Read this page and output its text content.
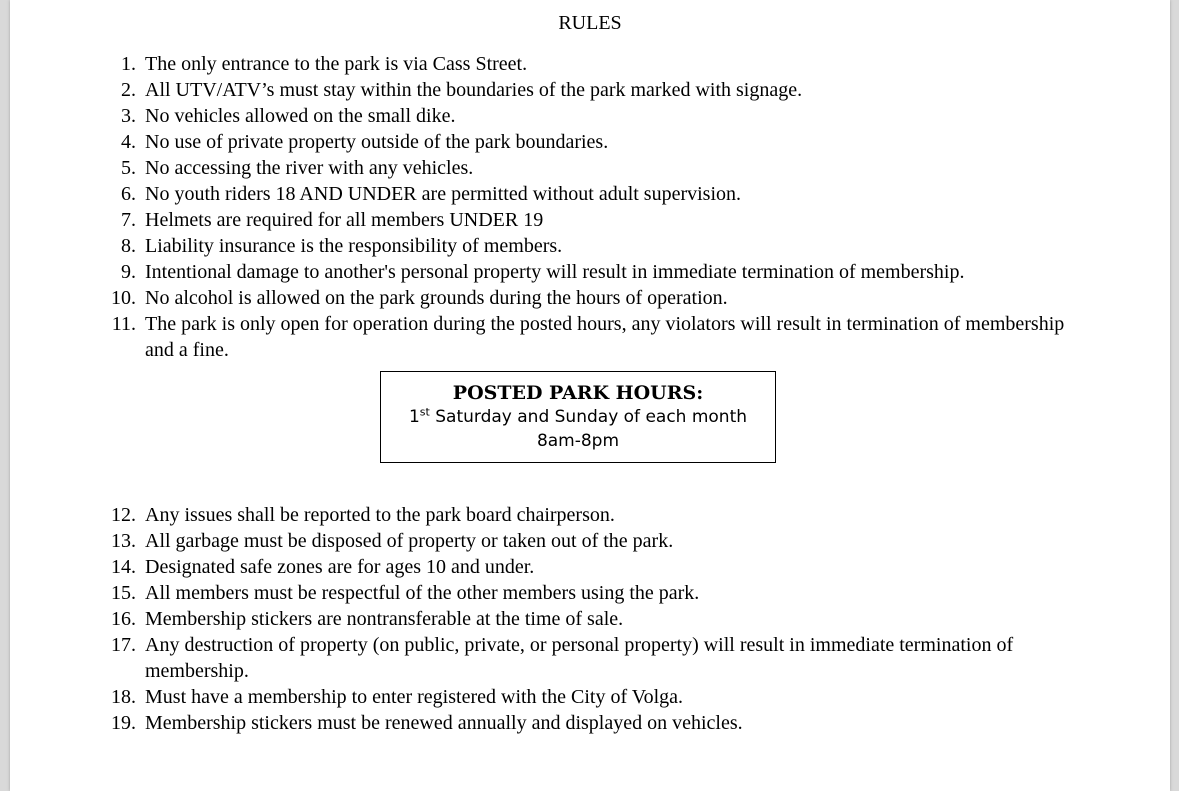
RULES
1. The only entrance to the park is via Cass Street.
2. All UTV/ATV’s must stay within the boundaries of the park marked with signage.
3. No vehicles allowed on the small dike.
4. No use of private property outside of the park boundaries.
5. No accessing the river with any vehicles.
6. No youth riders 18 AND UNDER are permitted without adult supervision.
7. Helmets are required for all members UNDER 19
8. Liability insurance is the responsibility of members.
9. Intentional damage to another's personal property will result in immediate termination of membership.
10. No alcohol is allowed on the park grounds during the hours of operation.
11. The park is only open for operation during the posted hours, any violators will result in termination of membership and a fine.
POSTED PARK HOURS:
1st Saturday and Sunday of each month
8am-8pm
12. Any issues shall be reported to the park board chairperson.
13. All garbage must be disposed of property or taken out of the park.
14. Designated safe zones are for ages 10 and under.
15. All members must be respectful of the other members using the park.
16. Membership stickers are nontransferable at the time of sale.
17. Any destruction of property (on public, private, or personal property) will result in immediate termination of membership.
18. Must have a membership to enter registered with the City of Volga.
19. Membership stickers must be renewed annually and displayed on vehicles.
